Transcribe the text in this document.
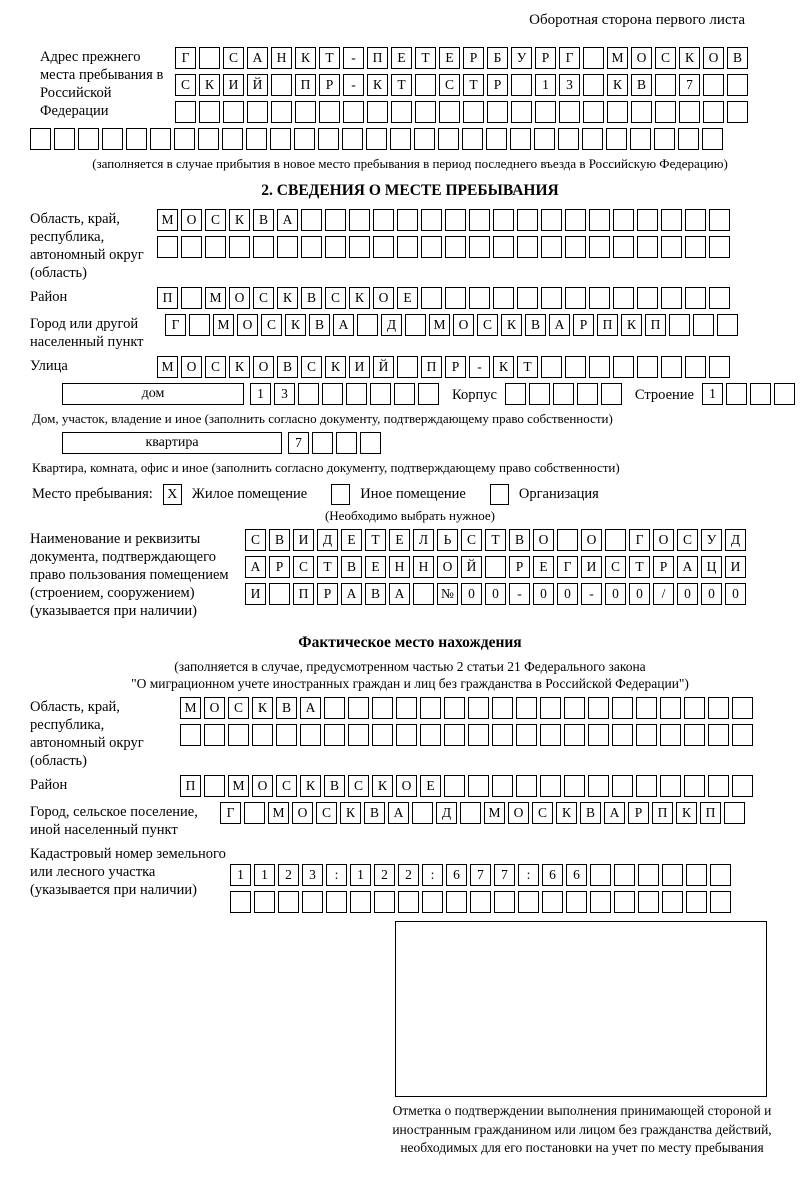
Оборотная сторона первого листа
Адрес прежнего места пребывания в Российской Федерации
Г	С	А	Н	К	Т	-	П	Е	Т	Е	Р	Б	У	Р	Г	М О	С	К	О	В
С	К	И	Й	П	Р	-	К	Т	С	Т	Р	1	3	К	В	7
(заполняется в случае прибытия в новое место пребывания в период последнего въезда в Российскую Федерацию)
2. СВЕДЕНИЯ О МЕСТЕ ПРЕБЫВАНИЯ
Область, край, республика, автономный округ (область)
М О	С	К	В	А
Район	П	М О	С	К	В	С	К	О	Е
Город или другой населенный пункт
Г	М О	С	К	В	А	Д	М О	С	К	В	А	Р	П	К	П
Улица	М О	С	К	О	В	С	К	И	Й	П	Р	-	К	Т
дом	1	3	Корпус	Строение	1
Дом, участок, владение и иное (заполнить согласно документу, подтверждающему право собственности)
квартира	7
Квартира, комната, офис и иное (заполнить согласно документу, подтверждающему право собственности)
Место пребывания:	X Жилое помещение	Иное помещение	Организация
(Необходимо выбрать нужное)
Наименование и реквизиты документа, подтверждающего право пользования помещением (строением, сооружением) (указывается при наличии)
С	В	И	Д	Е	Т	Е	Л	Ь	С	Т	В	О	О	Г	О	С	У	Д
А	Р	С	Т	В	Е	Н	Н	О	Й	Р	Е	Г	И	С	Т	Р	А	Ц	И
И	П	Р	А	В	А	№	0	0	-	0	0	-	0	0	/	0	0	0
Фактическое место нахождения
(заполняется в случае, предусмотренном частью 2 статьи 21 Федерального закона
"О миграционном учете иностранных граждан и лиц без гражданства в Российской Федерации")
Область, край, республика, автономный округ (область)
М О	С	К	В	А
Район	П	М О	С	К	В	С	К	О	Е
Город, сельское поселение, иной населенный пункт
Г	М О	С	К	В	А	Д	М О	С	К	В	А	Р	П	К	П
Кадастровый номер земельного или лесного участка (указывается при наличии)
1	1	2	3	:	1	2	2	:	6	7	7	:	6	6
Отметка о подтверждении выполнения принимающей стороной и иностранным гражданином или лицом без гражданства действий, необходимых для его постановки на учет по месту пребывания
